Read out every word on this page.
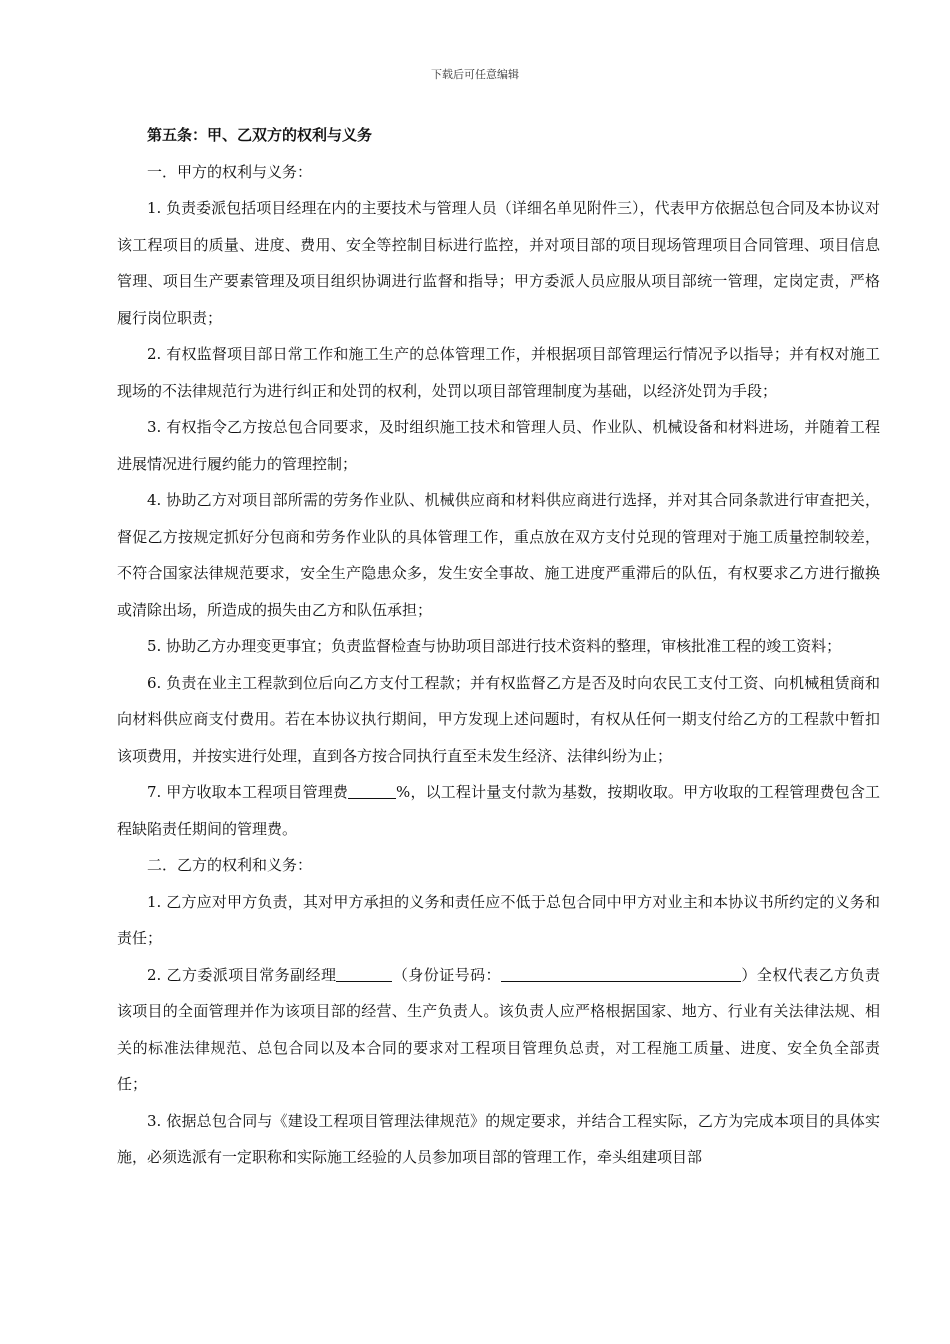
下载后可任意编辑

第五条：甲、乙双方的权利与义务

一．甲方的权利与义务：

1. 负责委派包括项目经理在内的主要技术与管理人员（详细名单见附件三），代表甲方依据总包合同及本协议对该工程项目的质量、进度、费用、安全等控制目标进行监控，并对项目部的项目现场管理项目合同管理、项目信息管理、项目生产要素管理及项目组织协调进行监督和指导；甲方委派人员应服从项目部统一管理，定岗定责，严格履行岗位职责；

2. 有权监督项目部日常工作和施工生产的总体管理工作，并根据项目部管理运行情况予以指导；并有权对施工现场的不法律规范行为进行纠正和处罚的权利，处罚以项目部管理制度为基础，以经济处罚为手段；

3. 有权指令乙方按总包合同要求，及时组织施工技术和管理人员、作业队、机械设备和材料进场，并随着工程进展情况进行履约能力的管理控制；

4. 协助乙方对项目部所需的劳务作业队、机械供应商和材料供应商进行选择，并对其合同条款进行审查把关，督促乙方按规定抓好分包商和劳务作业队的具体管理工作，重点放在双方支付兑现的管理对于施工质量控制较差，不符合国家法律规范要求，安全生产隐患众多，发生安全事故、施工进度严重滞后的队伍，有权要求乙方进行撤换或清除出场，所造成的损失由乙方和队伍承担；

5. 协助乙方办理变更事宜；负责监督检查与协助项目部进行技术资料的整理，审核批准工程的竣工资料；

6. 负责在业主工程款到位后向乙方支付工程款；并有权监督乙方是否及时向农民工支付工资、向机械租赁商和向材料供应商支付费用。若在本协议执行期间，甲方发现上述问题时，有权从任何一期支付给乙方的工程款中暂扣该项费用，并按实进行处理，直到各方按合同执行直至未发生经济、法律纠纷为止；

7. 甲方收取本工程项目管理费	%，以工程计量支付款为基数，按期收取。甲方收取的工程管理费包含工程缺陷责任期间的管理费。

二．乙方的权利和义务：

1. 乙方应对甲方负责，其对甲方承担的义务和责任应不低于总包合同中甲方对业主和本协议书所约定的义务和责任；

2. 乙方委派项目常务副经理	（身份证号码：	）全权代表乙方负责该项目的全面管理并作为该项目部的经营、生产负责人。该负责人应严格根据国家、地方、行业有关法律法规、相关的标准法律规范、总包合同以及本合同的要求对工程项目管理负总责，对工程施工质量、进度、安全负全部责任；

3. 依据总包合同与《建设工程项目管理法律规范》的规定要求，并结合工程实际，乙方为完成本项目的具体实施，必须选派有一定职称和实际施工经验的人员参加项目部的管理工作，牵头组建项目部
